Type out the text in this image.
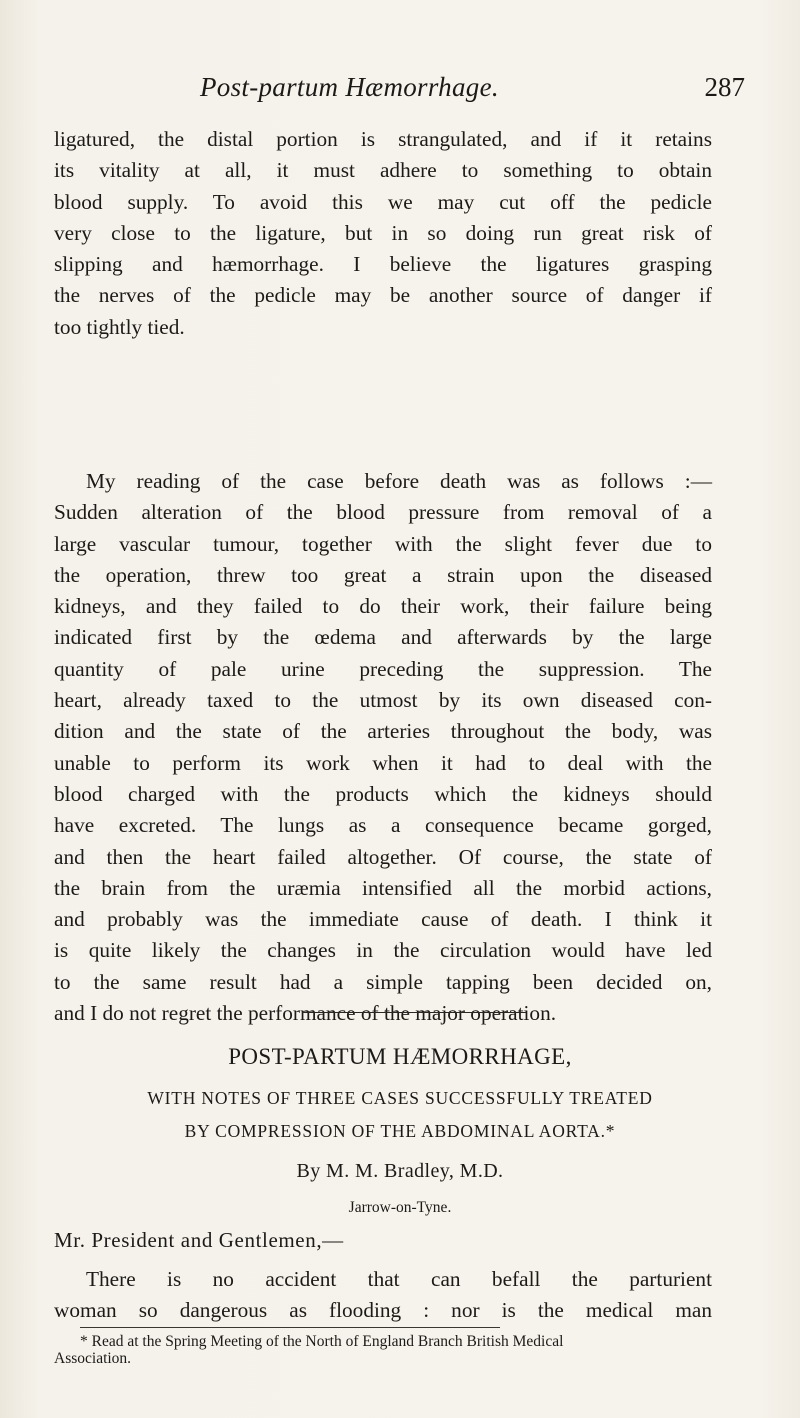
Post-partum Hæmorrhage.	287
ligatured, the distal portion is strangulated, and if it retains
its vitality at all, it must adhere to something to obtain
blood supply. To avoid this we may cut off the pedicle
very close to the ligature, but in so doing run great risk of
slipping and hæmorrhage. I believe the ligatures grasping
the nerves of the pedicle may be another source of danger if
too tightly tied.
My reading of the case before death was as follows :—
Sudden alteration of the blood pressure from removal of a
large vascular tumour, together with the slight fever due to
the operation, threw too great a strain upon the diseased
kidneys, and they failed to do their work, their failure being
indicated first by the œdema and afterwards by the large
quantity of pale urine preceding the suppression. The
heart, already taxed to the utmost by its own diseased con-
dition and the state of the arteries throughout the body, was
unable to perform its work when it had to deal with the
blood charged with the products which the kidneys should
have excreted. The lungs as a consequence became gorged,
and then the heart failed altogether. Of course, the state of
the brain from the uræmia intensified all the morbid actions,
and probably was the immediate cause of death. I think it
is quite likely the changes in the circulation would have led
to the same result had a simple tapping been decided on,
and I do not regret the performance of the major operation.
POST-PARTUM HÆMORRHAGE,
WITH NOTES OF THREE CASES SUCCESSFULLY TREATED
BY COMPRESSION OF THE ABDOMINAL AORTA.*
By M. M. Bradley, M.D.
Jarrow-on-Tyne.
Mr. President and Gentlemen,—
There is no accident that can befall the parturient
woman so dangerous as flooding : nor is the medical man
* Read at the Spring Meeting of the North of England Branch British Medical
Association.
